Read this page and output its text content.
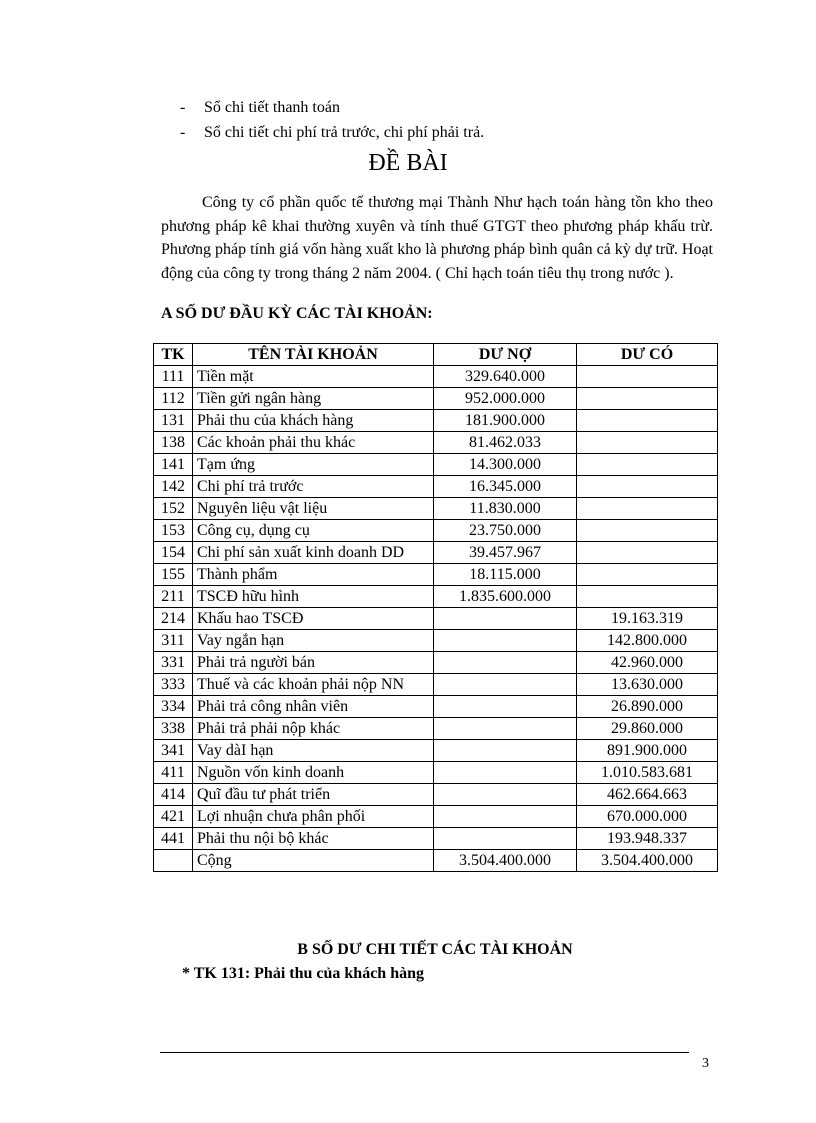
- Sổ chi tiết thanh toán
- Sổ chi tiết chi phí trả trước, chi phí phải trả.
ĐỀ BÀI

Công ty cổ phần quốc tế thương mại Thành Như hạch toán hàng tồn kho theo phương pháp kê khai thường xuyên và tính thuế GTGT theo phương pháp khấu trừ. Phương pháp tính giá vốn hàng xuất kho là phương pháp bình quân cả kỳ dự trữ. Hoạt động của công ty trong tháng 2 năm 2004. ( Chỉ hạch toán tiêu thụ trong nước ).

A SỐ DƯ ĐẦU KỲ CÁC TÀI KHOẢN:
TK	TÊN TÀI KHOẢN	DƯ NỢ	DƯ CÓ
111	Tiền mặt	329.640.000	
112	Tiền gửi ngân hàng	952.000.000	
131	Phải thu của khách hàng	181.900.000	
138	Các khoản phải thu khác	81.462.033	
141	Tạm ứng	14.300.000	
142	Chi phí trả trước	16.345.000	
152	Nguyên liệu vật liệu	11.830.000	
153	Công cụ, dụng cụ	23.750.000	
154	Chi phí sản xuất kinh doanh DD	39.457.967	
155	Thành phẩm	18.115.000	
211	TSCĐ hữu hình	1.835.600.000	
214	Khấu hao TSCĐ		19.163.319
311	Vay ngắn hạn		142.800.000
331	Phải trả người bán		42.960.000
333	Thuế và các khoản phải nộp NN		13.630.000
334	Phải trả công nhân viên		26.890.000
338	Phải trả phải nộp khác		29.860.000
341	Vay dàI hạn		891.900.000
411	Nguồn vốn kinh doanh		1.010.583.681
414	Quĩ đầu tư phát triển		462.664.663
421	Lợi nhuận chưa phân phối		670.000.000
441	Phải thu nội bộ khác		193.948.337
	Cộng	3.504.400.000	3.504.400.000
B SỐ DƯ CHI TIẾT CÁC TÀI KHOẢN
* TK 131: Phải thu của khách hàng
3
